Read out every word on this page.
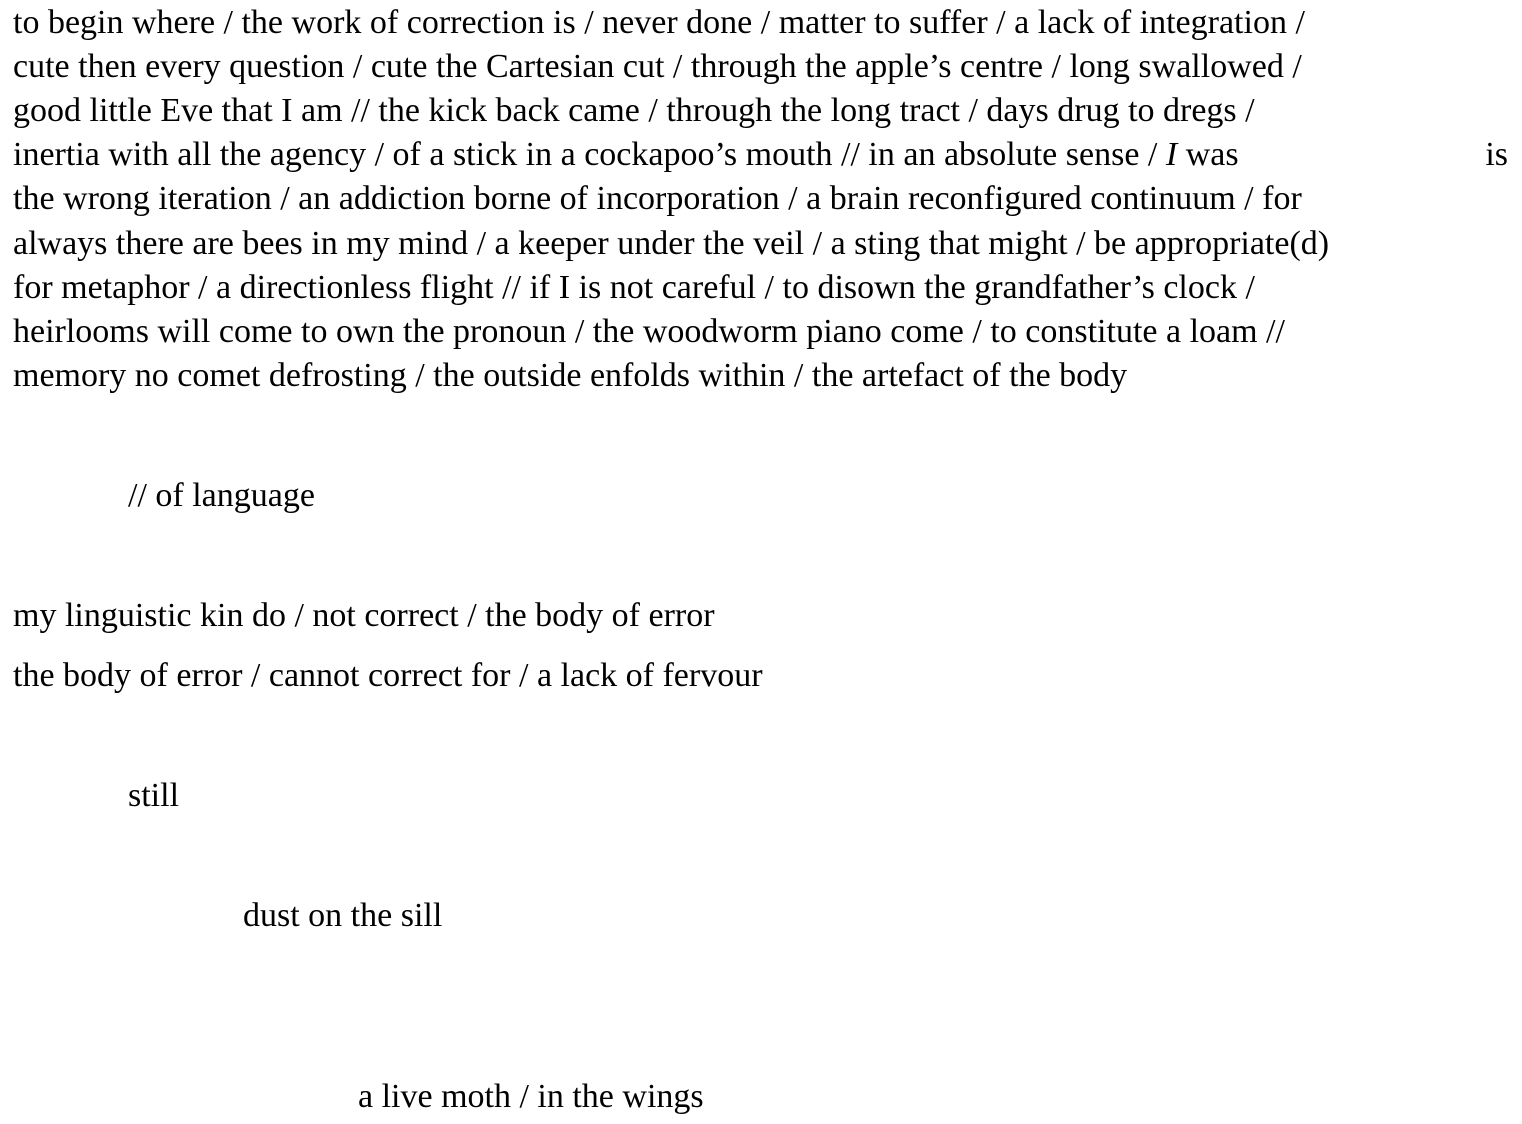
to begin where / the work of correction is / never done / matter to suffer / a lack of integration /

cute then every question / cute the Cartesian cut / through the apple’s centre / long swallowed /

good little Eve that I am // the kick back came / through the long tract / days drug to dregs /

inertia with all the agency / of a stick in a cockapoo’s mouth // in an absolute sense / I was	is

the wrong iteration / an addiction borne of incorporation / a brain reconfigured continuum / for

always there are bees in my mind / a keeper under the veil / a sting that might / be appropriate(d)

for metaphor / a directionless flight // if I is not careful / to disown the grandfather’s clock /

heirlooms will come to own the pronoun / the woodworm piano come / to constitute a loam //

memory no comet defrosting / the outside enfolds within / the artefact of the body

// of language

my linguistic kin do / not correct / the body of error

the body of error / cannot correct for / a lack of fervour

still

dust on the sill

a live moth / in the wings
